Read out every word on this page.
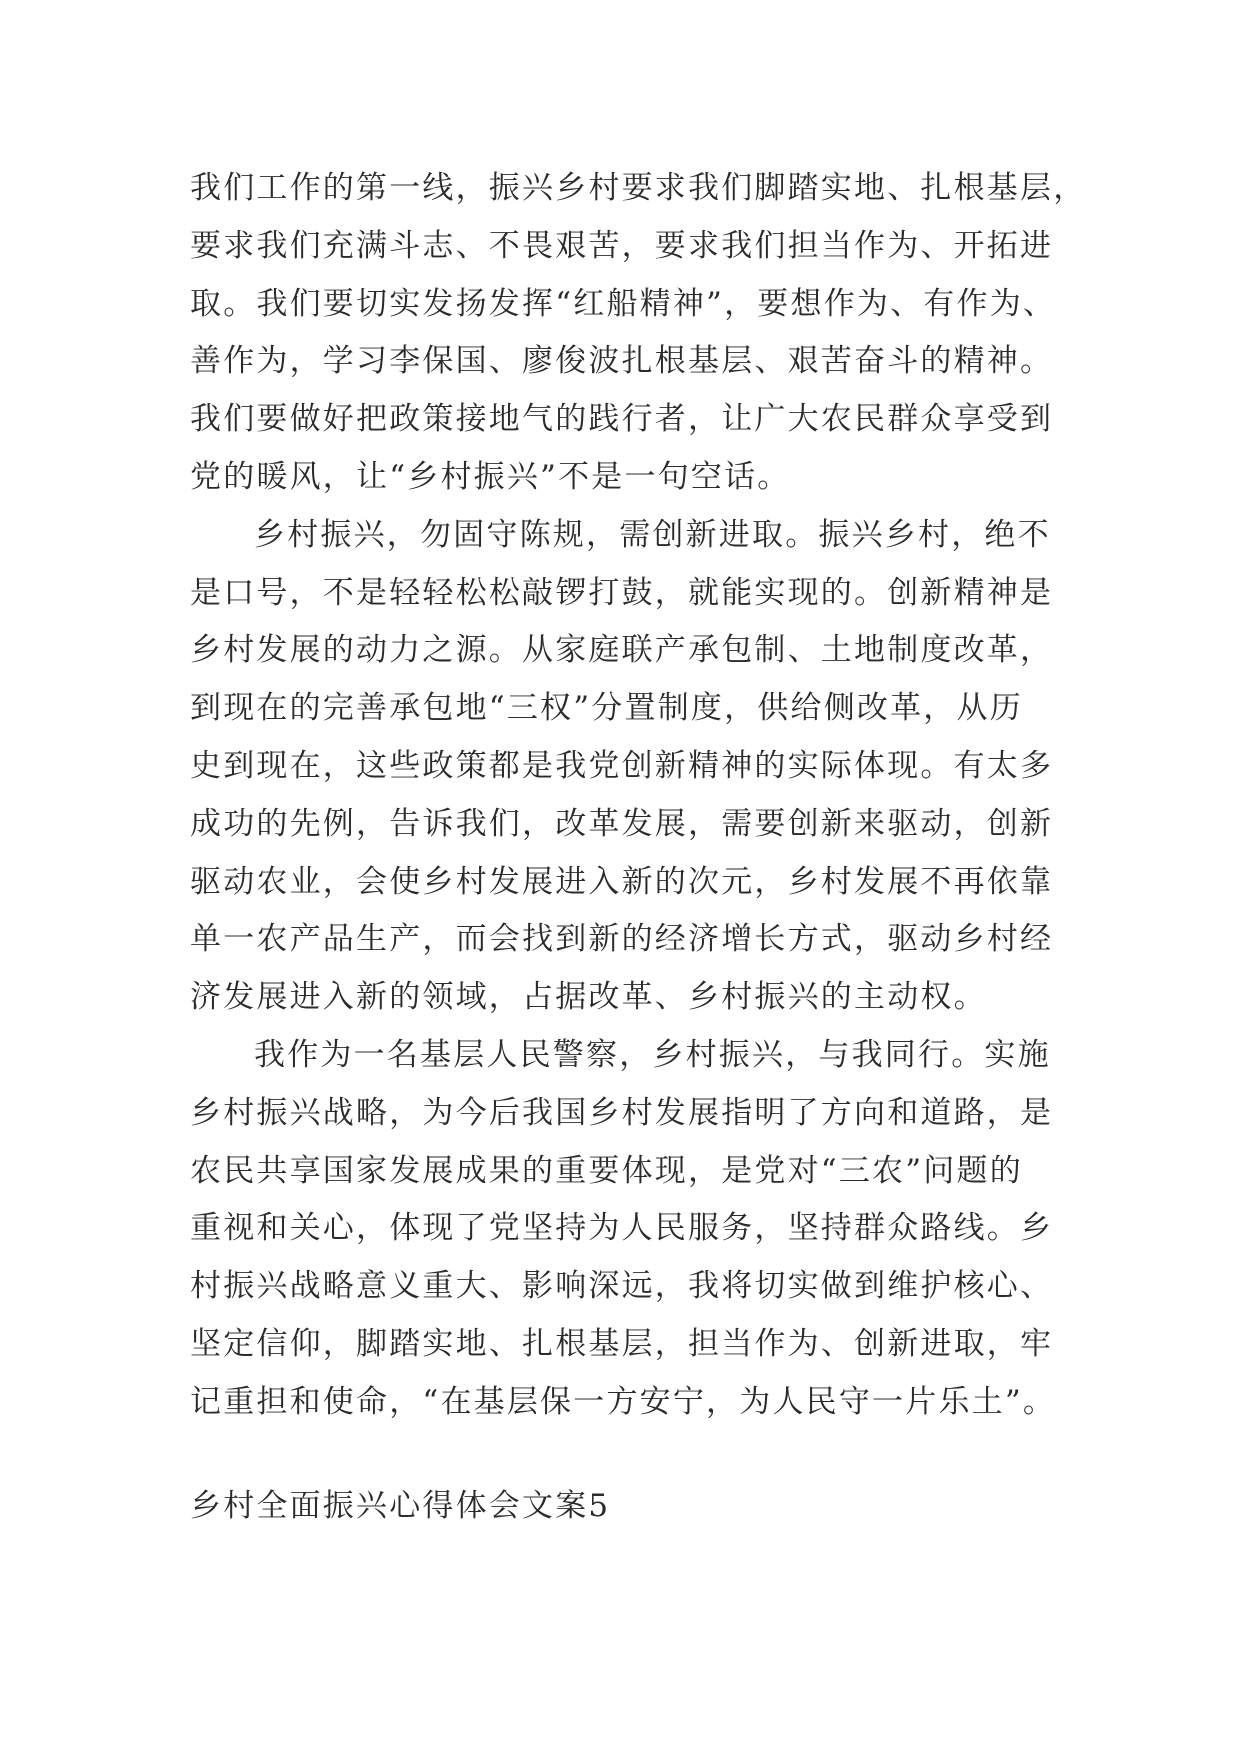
我们工作的第一线，振兴乡村要求我们脚踏实地、扎根基层，
要求我们充满斗志、不畏艰苦，要求我们担当作为、开拓进
取。我们要切实发扬发挥“红船精神”，要想作为、有作为、
善作为，学习李保国、廖俊波扎根基层、艰苦奋斗的精神。
我们要做好把政策接地气的践行者，让广大农民群众享受到
党的暖风，让“乡村振兴”不是一句空话。
乡村振兴，勿固守陈规，需创新进取。振兴乡村，绝不
是口号，不是轻轻松松敲锣打鼓，就能实现的。创新精神是
乡村发展的动力之源。从家庭联产承包制、土地制度改革，
到现在的完善承包地“三权”分置制度，供给侧改革，从历
史到现在，这些政策都是我党创新精神的实际体现。有太多
成功的先例，告诉我们，改革发展，需要创新来驱动，创新
驱动农业，会使乡村发展进入新的次元，乡村发展不再依靠
单一农产品生产，而会找到新的经济增长方式，驱动乡村经
济发展进入新的领域，占据改革、乡村振兴的主动权。
我作为一名基层人民警察，乡村振兴，与我同行。实施
乡村振兴战略，为今后我国乡村发展指明了方向和道路，是
农民共享国家发展成果的重要体现，是党对“三农”问题的
重视和关心，体现了党坚持为人民服务，坚持群众路线。乡
村振兴战略意义重大、影响深远，我将切实做到维护核心、
坚定信仰，脚踏实地、扎根基层，担当作为、创新进取，牢
记重担和使命，“在基层保一方安宁，为人民守一片乐土”。
乡村全面振兴心得体会文案5
